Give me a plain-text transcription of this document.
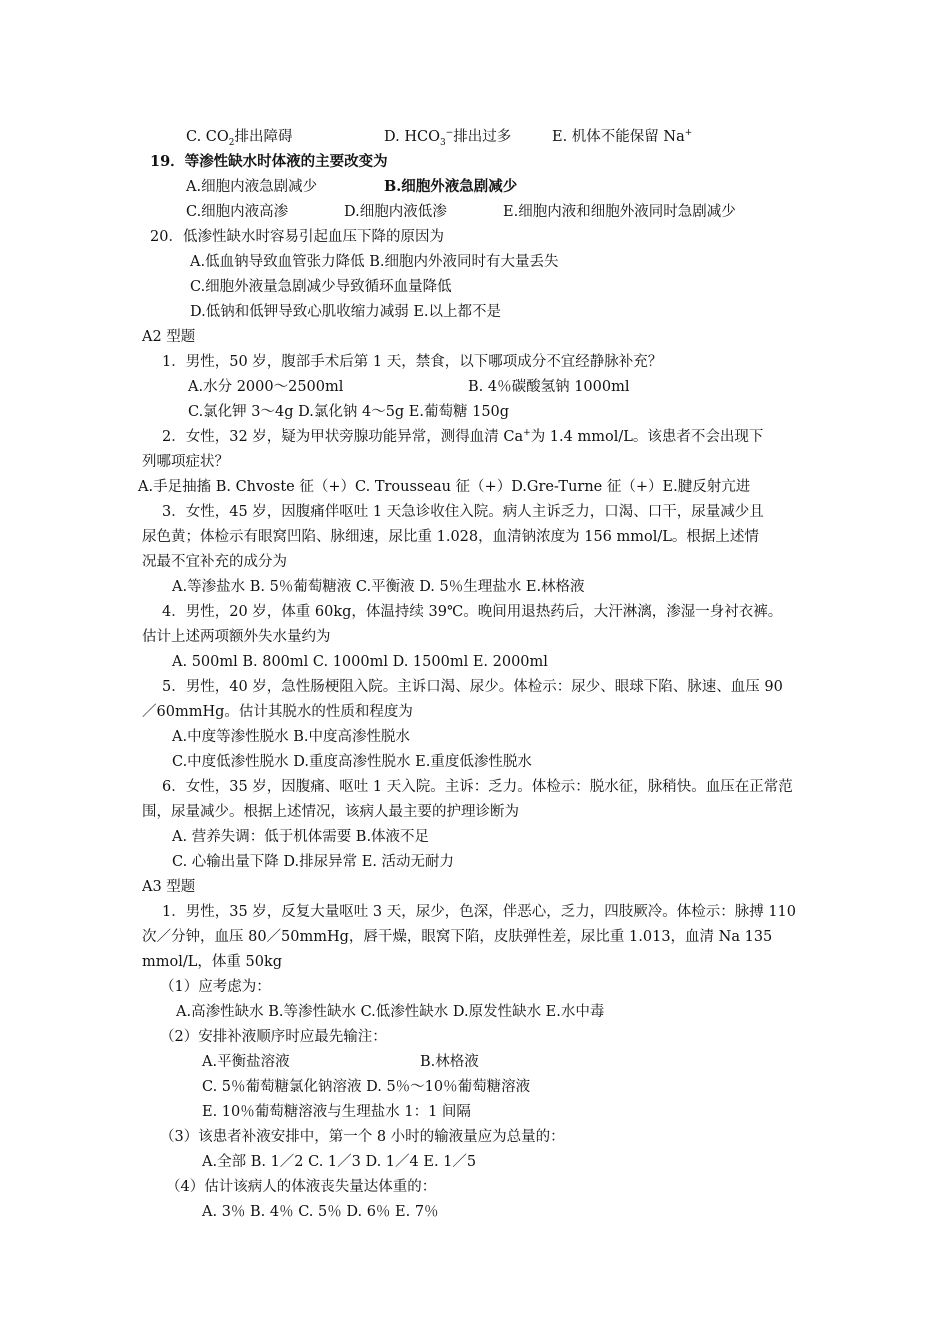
C. $CO_2$排出障碍	D. $HCO_3^-$排出过多	E. 机体不能保留 Na+
19．等渗性缺水时体液的主要改变为
A.细胞内液急剧减少	B.细胞外液急剧减少
C.细胞内液高渗	D.细胞内液低渗	E.细胞内液和细胞外液同时急剧减少
20．低渗性缺水时容易引起血压下降的原因为
A.低血钠导致血管张力降低 B.细胞内外液同时有大量丢失
C.细胞外液量急剧减少导致循环血量降低
D.低钠和低钾导致心肌收缩力减弱 E.以上都不是
A2 型题
1．男性，50 岁，腹部手术后第 1 天，禁食，以下哪项成分不宜经静脉补充？
A.水分 2000～2500ml	B. 4％碳酸氢钠 1000ml
C.氯化钾 3～4g D.氯化钠 4～5g E.葡萄糖 150g
2．女性，32 岁，疑为甲状旁腺功能异常，测得血清 Ca+为 1.4 mmol/L。该患者不会出现下
列哪项症状？
A.手足抽搐 B. Chvoste 征（+）C. Trousseau 征（+）D.Gre-Turne 征（+）E.腱反射亢进
3．女性，45 岁，因腹痛伴呕吐 1 天急诊收住入院。病人主诉乏力，口渴、口干，尿量减少且
尿色黄；体检示有眼窝凹陷、脉细速，尿比重 1.028，血清钠浓度为 156 mmol/L。根据上述情
况最不宜补充的成分为
A.等渗盐水 B. 5％葡萄糖液 C.平衡液 D. 5％生理盐水 E.林格液
4．男性，20 岁，体重 60kg，体温持续 39℃。晚间用退热药后，大汗淋漓，渗湿一身衬衣裤。
估计上述两项额外失水量约为
A. 500ml B. 800ml C. 1000ml D. 1500ml E. 2000ml
5．男性，40 岁，急性肠梗阻入院。主诉口渴、尿少。体检示：尿少、眼球下陷、脉速、血压 90
／60mmHg。估计其脱水的性质和程度为
A.中度等渗性脱水 B.中度高渗性脱水
C.中度低渗性脱水 D.重度高渗性脱水 E.重度低渗性脱水
6．女性，35 岁，因腹痛、呕吐 1 天入院。主诉：乏力。体检示：脱水征，脉稍快。血压在正常范
围，尿量减少。根据上述情况，该病人最主要的护理诊断为
A. 营养失调：低于机体需要 B.体液不足
C. 心输出量下降 D.排尿异常 E. 活动无耐力
A3 型题
1．男性，35 岁，反复大量呕吐 3 天，尿少，色深，伴恶心，乏力，四肢厥冷。体检示：脉搏 110
次／分钟，血压 80／50mmHg，唇干燥，眼窝下陷，皮肤弹性差，尿比重 1.013，血清 Na 135
mmol/L，体重 50kg
（1）应考虑为：
A.高渗性缺水 B.等渗性缺水 C.低渗性缺水 D.原发性缺水 E.水中毒
（2）安排补液顺序时应最先输注：
A.平衡盐溶液	B.林格液
C. 5％葡萄糖氯化钠溶液 D. 5％～10％葡萄糖溶液
E. 10％葡萄糖溶液与生理盐水 1：1 间隔
（3）该患者补液安排中，第一个 8 小时的输液量应为总量的：
A.全部 B. 1／2 C. 1／3 D. 1／4 E. 1／5
（4）估计该病人的体液丧失量达体重的：
A. 3％ B. 4％ C. 5％ D. 6％ E. 7％
